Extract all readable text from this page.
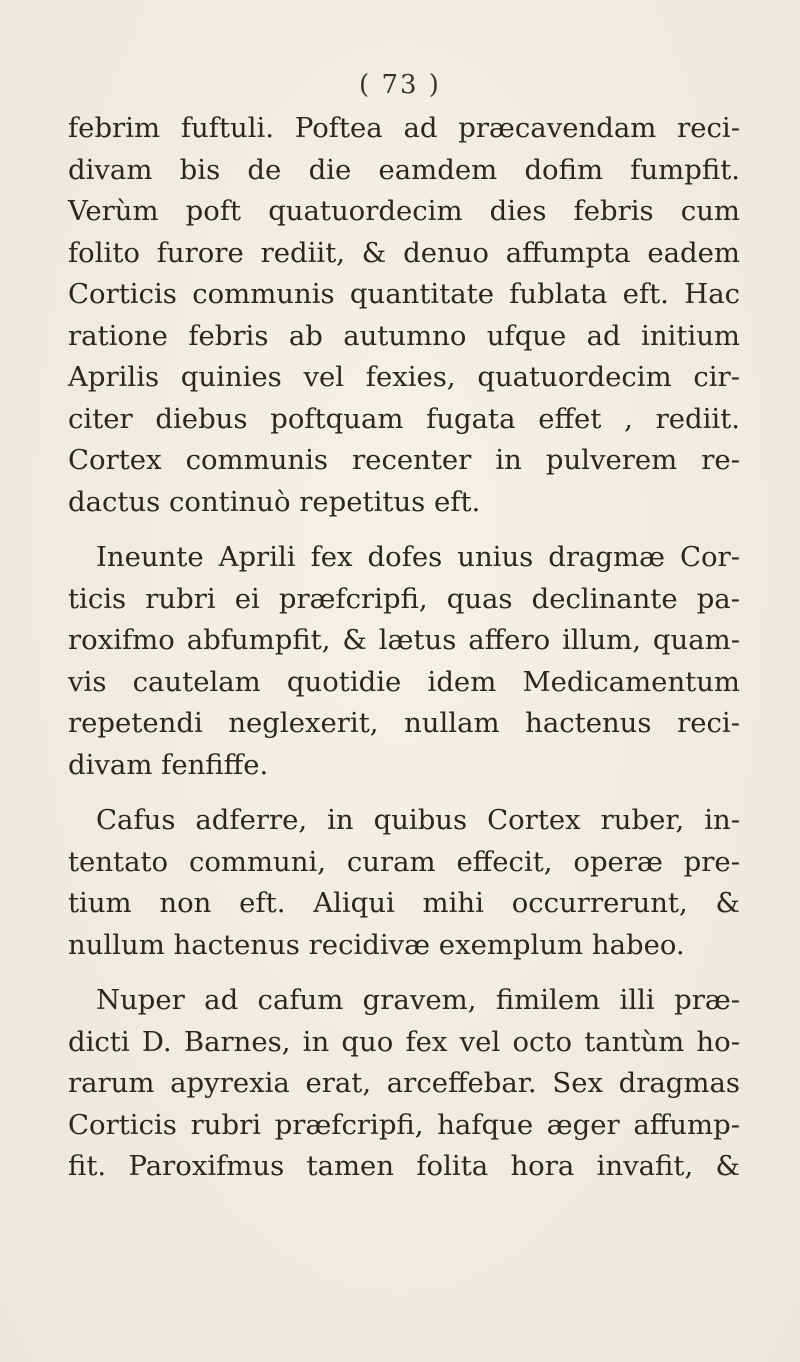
( 73 )

febrim fuftuli. Poftea ad præcavendam reci-
divam bis de die eamdem dofim fumpfit.
Verùm poft quatuordecim dies febris cum
folito furore rediit, & denuo affumpta eadem
Corticis communis quantitate fublata eft. Hac
ratione febris ab autumno ufque ad initium
Aprilis quinies vel fexies, quatuordecim cir-
citer diebus poftquam fugata effet , rediit.
Cortex communis recenter in pulverem re-
dactus continuò repetitus eft.

Ineunte Aprili fex dofes unius dragmæ Cor-
ticis rubri ei præfcripfi, quas declinante pa-
roxifmo abfumpfit, & lætus affero illum, quam-
vis cautelam quotidie idem Medicamentum
repetendi neglexerit, nullam hactenus reci-
divam fenfiffe.

Cafus adferre, in quibus Cortex ruber, in-
tentato communi, curam effecit, operæ pre-
tium non eft. Aliqui mihi occurrerunt, &
nullum hactenus recidivæ exemplum habeo.

Nuper ad cafum gravem, fimilem illi præ-
dicti D. Barnes, in quo fex vel octo tantùm ho-
rarum apyrexia erat, arceffebar. Sex dragmas
Corticis rubri præfcripfi, hafque æger affump-
fit. Paroxifmus tamen folita hora invafit, &
